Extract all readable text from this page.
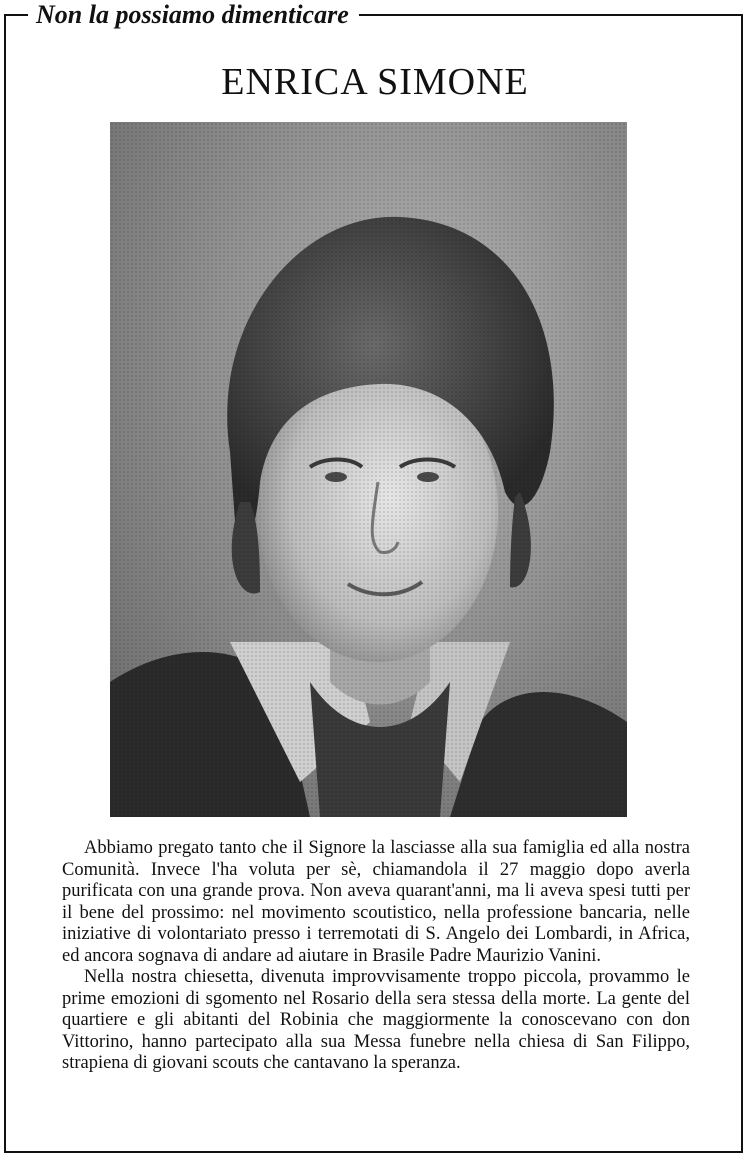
Non la possiamo dimenticare
ENRICA SIMONE

Abbiamo pregato tanto che il Signore la lasciasse alla sua famiglia ed alla nostra Comunità. Invece l'ha voluta per sè, chiamandola il 27 maggio dopo averla purificata con una grande prova. Non aveva quarant'anni, ma li aveva spesi tutti per il bene del prossimo: nel movimento scoutistico, nella professione bancaria, nelle iniziative di volontariato presso i terremotati di S. Angelo dei Lombardi, in Africa, ed ancora sognava di andare ad aiutare in Brasile Padre Maurizio Vanini.

Nella nostra chiesetta, divenuta improvvisamente troppo piccola, provammo le prime emozioni di sgomento nel Rosario della sera stessa della morte. La gente del quartiere e gli abitanti del Robinia che maggiormente la conoscevano con don Vittorino, hanno partecipato alla sua Messa funebre nella chiesa di San Filippo, strapiena di giovani scouts che cantavano la speranza.
